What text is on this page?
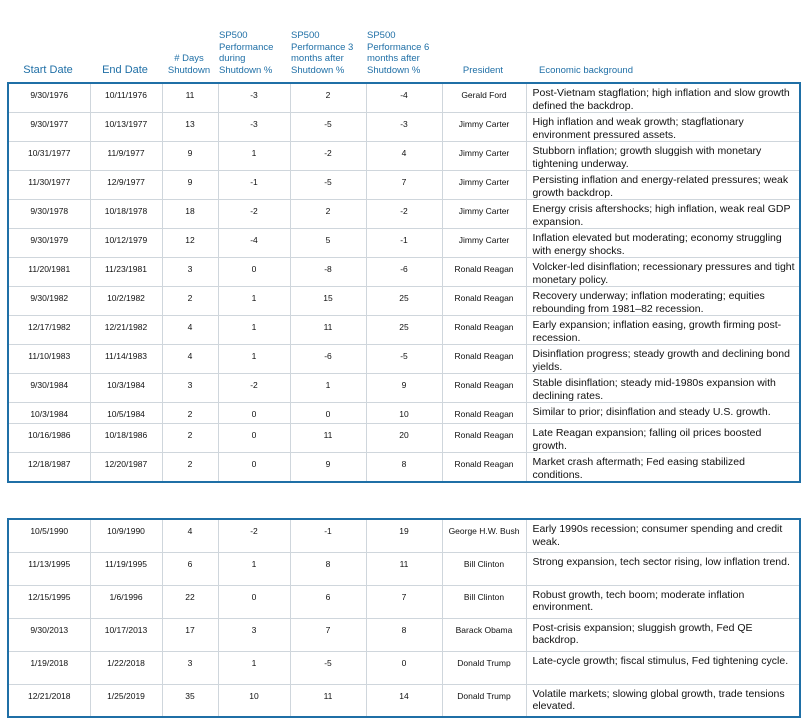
Start Date	End Date	# Days Shutdown	SP500 Performance during Shutdown %	SP500 Performance 3 months after Shutdown %	SP500 Performance 6 months after Shutdown %	President	Economic background
9/30/1976	10/11/1976	11	-3	2	-4	Gerald Ford	Post-Vietnam stagflation; high inflation and slow growth defined the backdrop.
9/30/1977	10/13/1977	13	-3	-5	-3	Jimmy Carter	High inflation and weak growth; stagflationary environment pressured assets.
10/31/1977	11/9/1977	9	1	-2	4	Jimmy Carter	Stubborn inflation; growth sluggish with monetary tightening underway.
11/30/1977	12/9/1977	9	-1	-5	7	Jimmy Carter	Persisting inflation and energy-related pressures; weak growth backdrop.
9/30/1978	10/18/1978	18	-2	2	-2	Jimmy Carter	Energy crisis aftershocks; high inflation, weak real GDP expansion.
9/30/1979	10/12/1979	12	-4	5	-1	Jimmy Carter	Inflation elevated but moderating; economy struggling with energy shocks.
11/20/1981	11/23/1981	3	0	-8	-6	Ronald Reagan	Volcker-led disinflation; recessionary pressures and tight monetary policy.
9/30/1982	10/2/1982	2	1	15	25	Ronald Reagan	Recovery underway; inflation moderating; equities rebounding from 1981–82 recession.
12/17/1982	12/21/1982	4	1	11	25	Ronald Reagan	Early expansion; inflation easing, growth firming post-recession.
11/10/1983	11/14/1983	4	1	-6	-5	Ronald Reagan	Disinflation progress; steady growth and declining bond yields.
9/30/1984	10/3/1984	3	-2	1	9	Ronald Reagan	Stable disinflation; steady mid-1980s expansion with declining rates.
10/3/1984	10/5/1984	2	0	0	10	Ronald Reagan	Similar to prior; disinflation and steady U.S. growth.
10/16/1986	10/18/1986	2	0	11	20	Ronald Reagan	Late Reagan expansion; falling oil prices boosted growth.
12/18/1987	12/20/1987	2	0	9	8	Ronald Reagan	Market crash aftermath; Fed easing stabilized conditions.
10/5/1990	10/9/1990	4	-2	-1	19	George H.W. Bush	Early 1990s recession; consumer spending and credit weak.
11/13/1995	11/19/1995	6	1	8	11	Bill Clinton	Strong expansion, tech sector rising, low inflation trend.
12/15/1995	1/6/1996	22	0	6	7	Bill Clinton	Robust growth, tech boom; moderate inflation environment.
9/30/2013	10/17/2013	17	3	7	8	Barack Obama	Post-crisis expansion; sluggish growth, Fed QE backdrop.
1/19/2018	1/22/2018	3	1	-5	0	Donald Trump	Late-cycle growth; fiscal stimulus, Fed tightening cycle.
12/21/2018	1/25/2019	35	10	11	14	Donald Trump	Volatile markets; slowing global growth, trade tensions elevated.
